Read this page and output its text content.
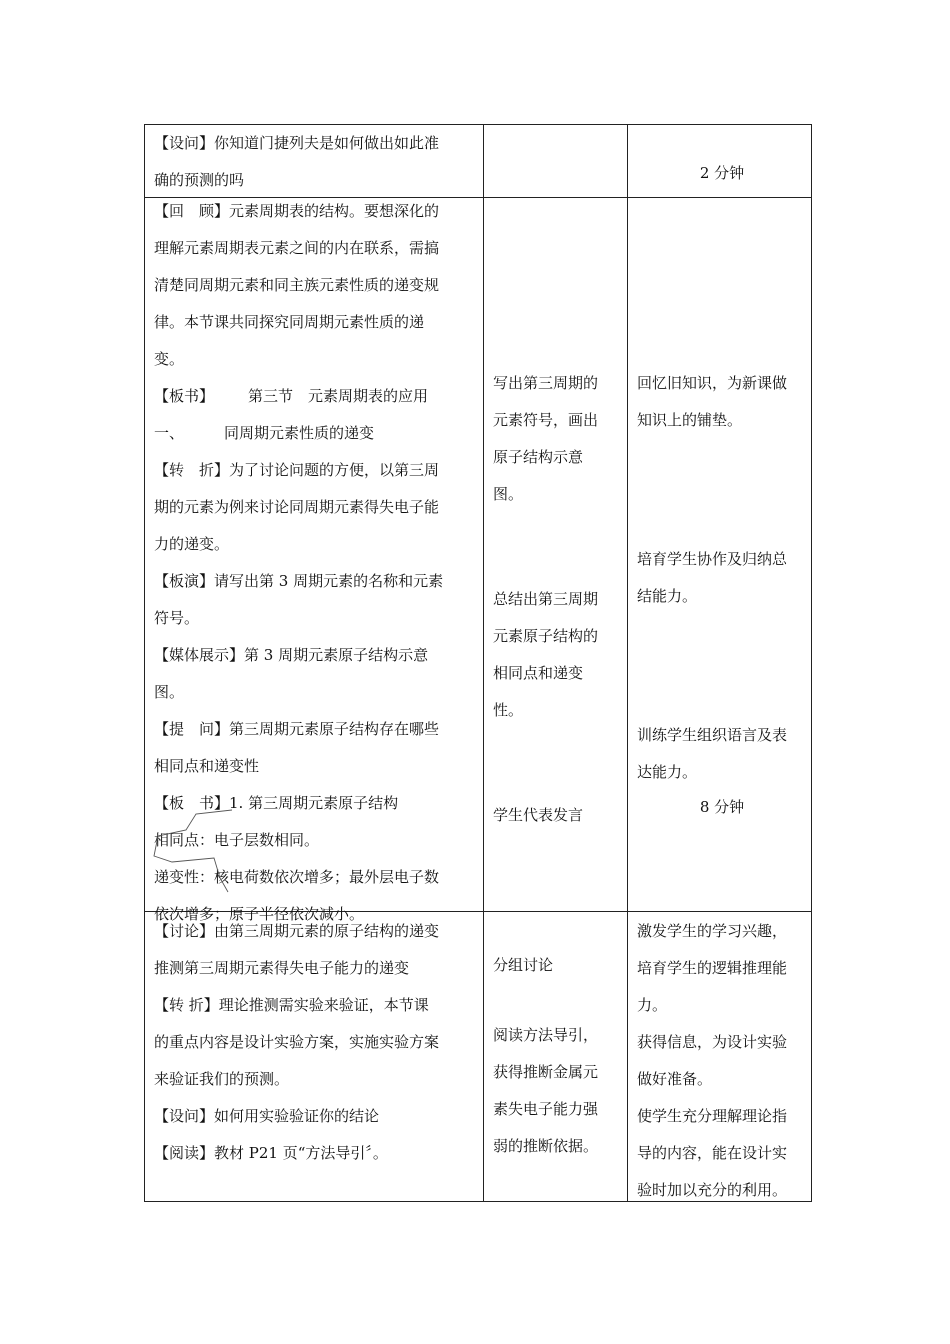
【设问】你知道门捷列夫是如何做出如此准

确的预测的吗	2 分钟

【回　顾】元素周期表的结构。要想深化的

理解元素周期表元素之间的内在联系，需搞

清楚同周期元素和同主族元素性质的递变规

律。本节课共同探究同周期元素性质的递

变。

【板书】 第三节　元素周期表的应用

一、	同周期元素性质的递变

【转　折】为了讨论问题的方便，以第三周

期的元素为例来讨论同周期元素得失电子能

力的递变。

【板演】请写出第 3 周期元素的名称和元素

符号。

【媒体展示】第 3 周期元素原子结构示意

图。

【提　问】第三周期元素原子结构存在哪些

相同点和递变性

【板　书】1. 第三周期元素原子结构

相同点：电子层数相同。

递变性：核电荷数依次增多；最外层电子数

依次增多；原子半径依次减小。

写出第三周期的

元素符号，画出

原子结构示意

图。

总结出第三周期

元素原子结构的

相同点和递变

性。

学生代表发言

回忆旧知识，为新课做

知识上的铺垫。

培育学生协作及归纳总

结能力。

训练学生组织语言及表

达能力。

8 分钟

【讨论】由第三周期元素的原子结构的递变

推测第三周期元素得失电子能力的递变

【转 折】理论推测需实验来验证，本节课

的重点内容是设计实验方案，实施实验方案

来验证我们的预测。

【设问】如何用实验验证你的结论

【阅读】教材 P21 页“方法导引〞。

分组讨论

阅读方法导引，

获得推断金属元

素失电子能力强

弱的推断依据。

激发学生的学习兴趣，

培育学生的逻辑推理能

力。

获得信息，为设计实验

做好准备。

使学生充分理解理论指

导的内容，能在设计实

验时加以充分的利用。
